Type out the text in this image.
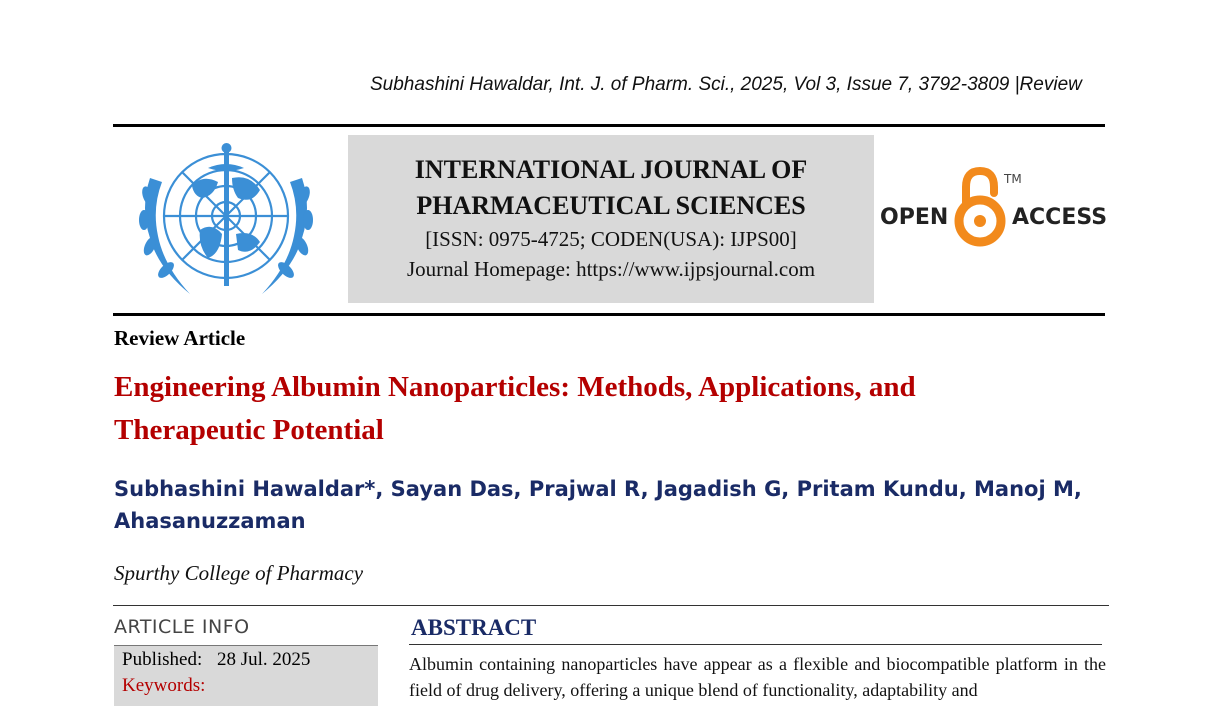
Subhashini Hawaldar, Int. J. of Pharm. Sci., 2025, Vol 3, Issue 7, 3792-3809 |Review
INTERNATIONAL JOURNAL OF
PHARMACEUTICAL SCIENCES
[ISSN: 0975-4725; CODEN(USA): IJPS00]
Journal Homepage: https://www.ijpsjournal.com
OPEN	ACCESS
TM
Review Article
Engineering Albumin Nanoparticles: Methods, Applications, and
Therapeutic Potential
Subhashini Hawaldar*, Sayan Das, Prajwal R, Jagadish G, Pritam Kundu, Manoj M,
Ahasanuzzaman
Spurthy College of Pharmacy
ARTICLE INFO
Published: 28 Jul. 2025
Keywords:
ABSTRACT
Albumin containing nanoparticles have appear as a flexible and biocompatible platform in the field of drug delivery, offering a unique blend of functionality, adaptability and
